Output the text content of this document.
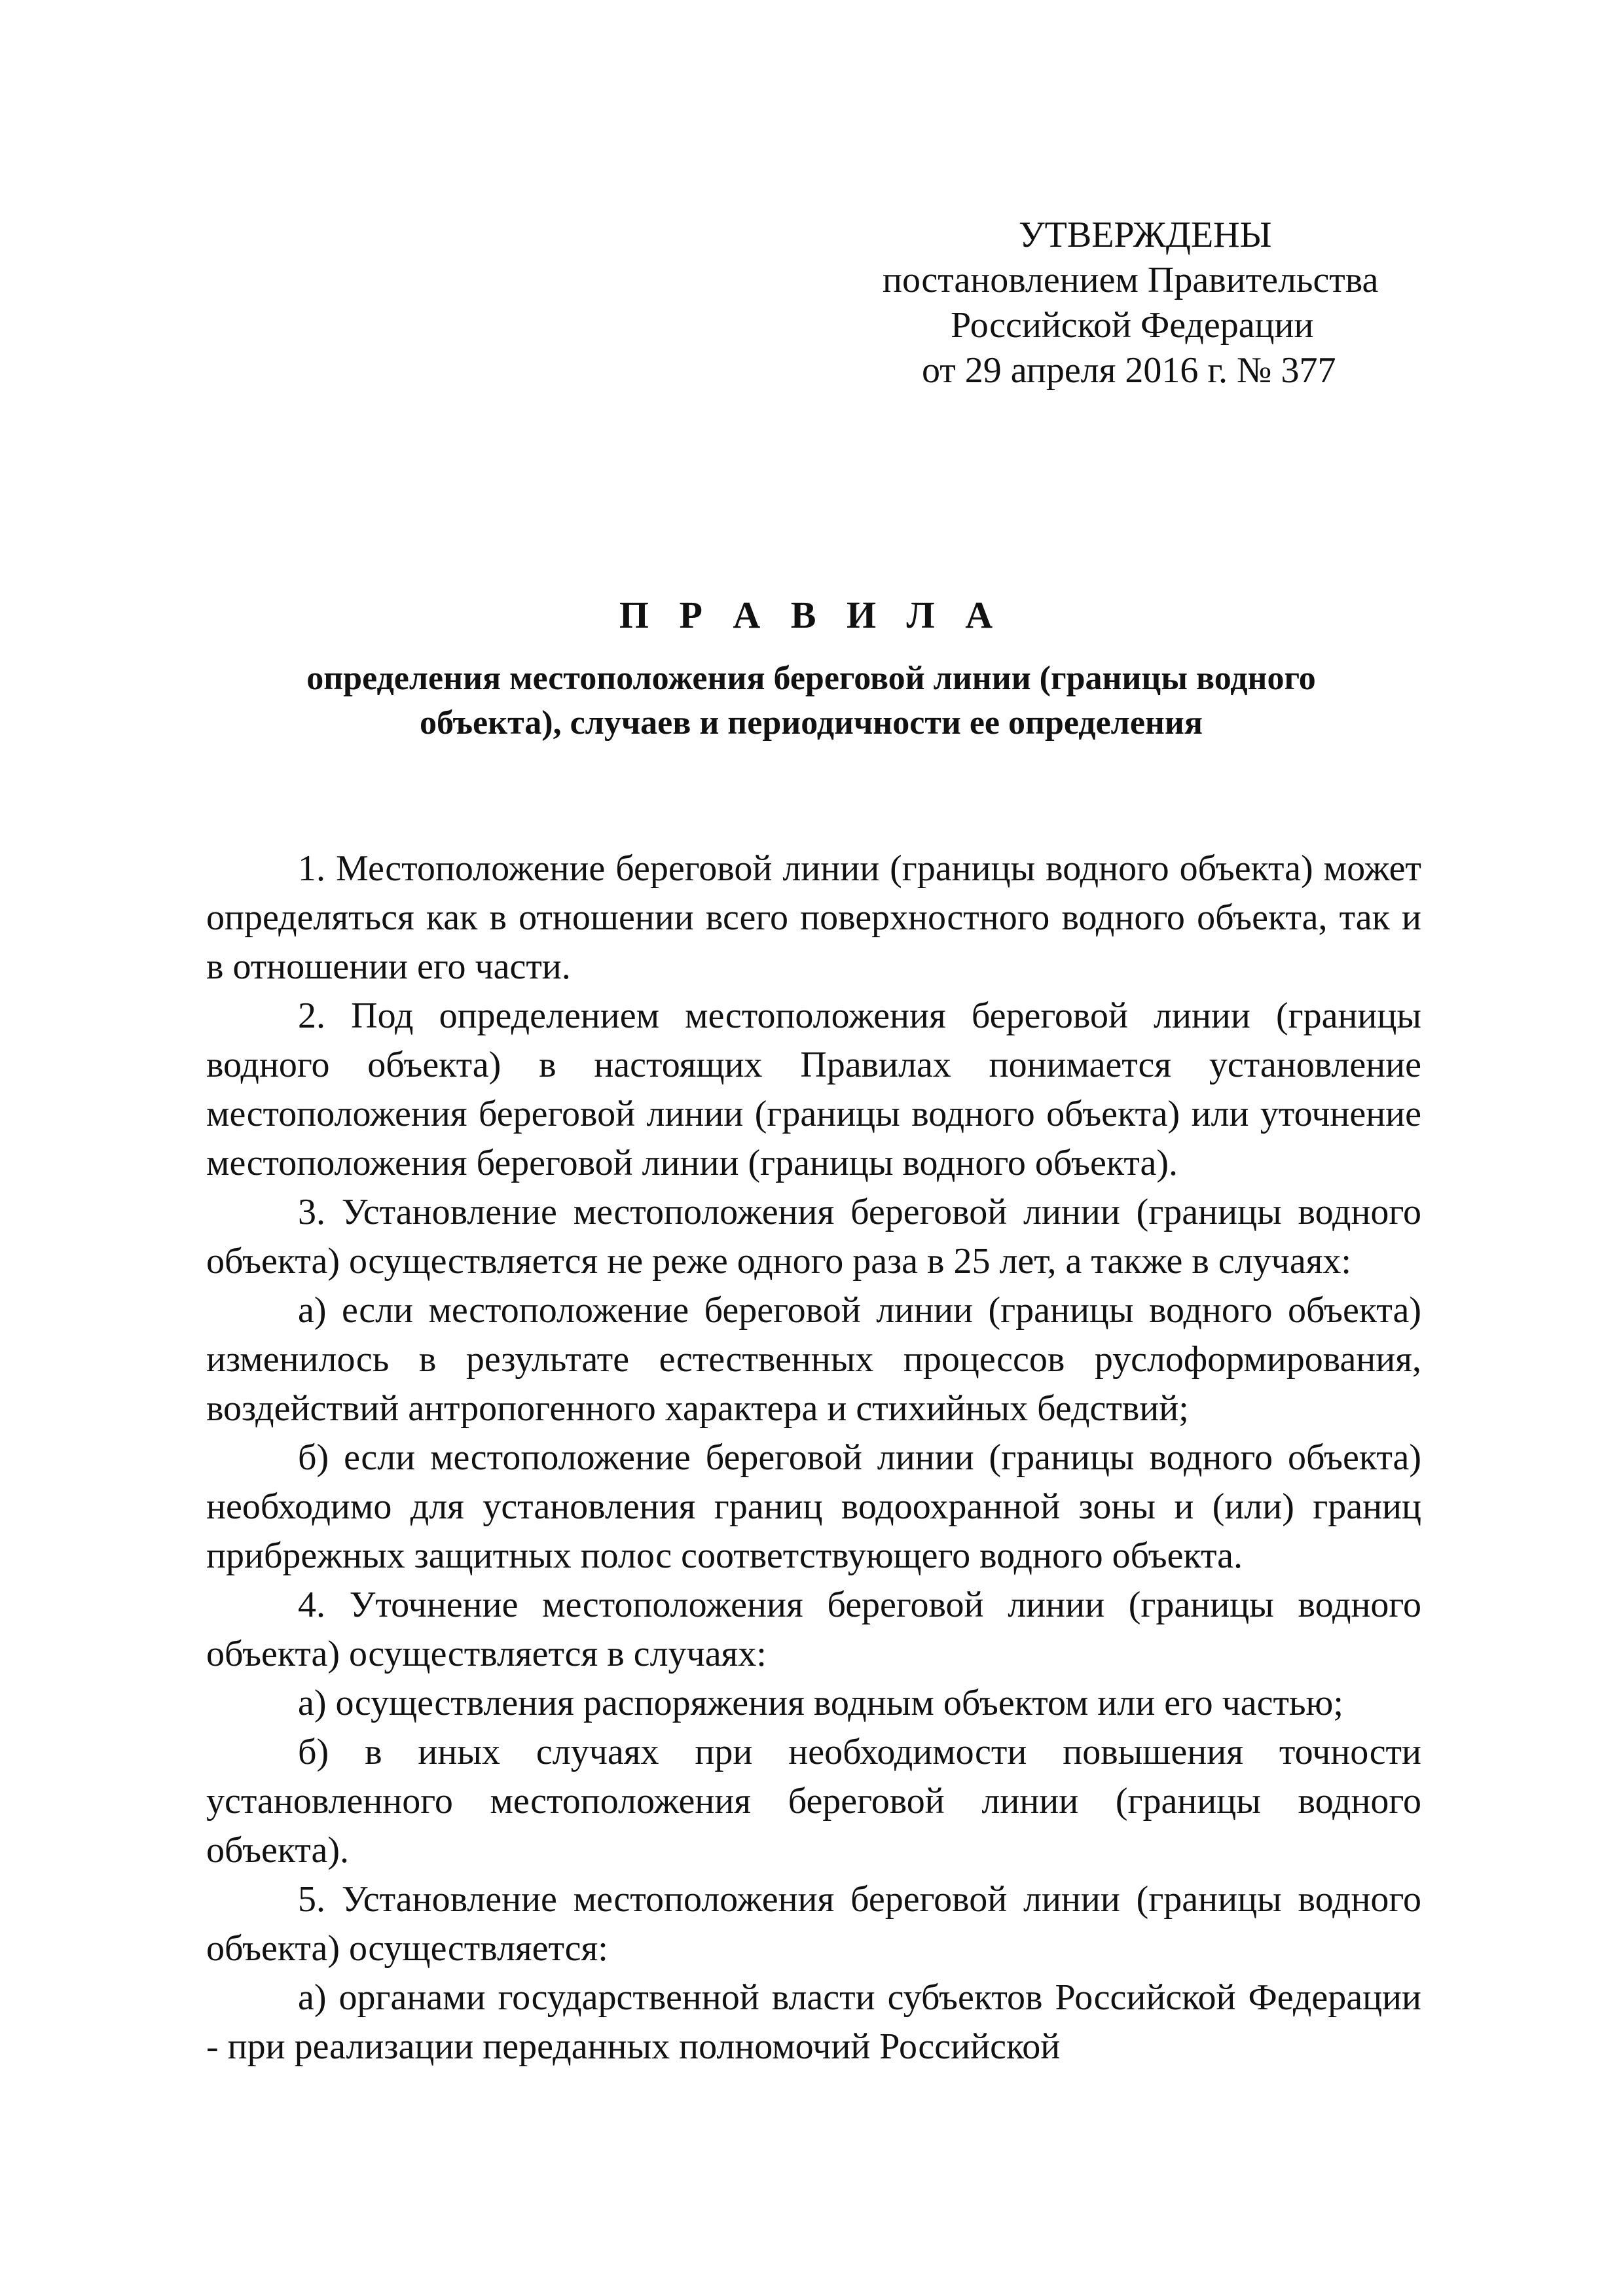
УТВЕРЖДЕНЫ
постановлением Правительства
Российской Федерации
от 29 апреля 2016 г. № 377
П Р А В И Л А
определения местоположения береговой линии (границы водного
объекта), случаев и периодичности ее определения

1. Местоположение береговой линии (границы водного объекта) может определяться как в отношении всего поверхностного водного объекта, так и в отношении его части.

2. Под определением местоположения береговой линии (границы водного объекта) в настоящих Правилах понимается установление местоположения береговой линии (границы водного объекта) или уточнение местоположения береговой линии (границы водного объекта).

3. Установление местоположения береговой линии (границы водного объекта) осуществляется не реже одного раза в 25 лет, а также в случаях:

а) если местоположение береговой линии (границы водного объекта) изменилось в результате естественных процессов руслоформирования, воздействий антропогенного характера и стихийных бедствий;

б) если местоположение береговой линии (границы водного объекта) необходимо для установления границ водоохранной зоны и (или) границ прибрежных защитных полос соответствующего водного объекта.

4. Уточнение местоположения береговой линии (границы водного объекта) осуществляется в случаях:

а) осуществления распоряжения водным объектом или его частью;

б) в иных случаях при необходимости повышения точности установленного местоположения береговой линии (границы водного объекта).

5. Установление местоположения береговой линии (границы водного объекта) осуществляется:

а) органами государственной власти субъектов Российской Федерации - при реализации переданных полномочий Российской
